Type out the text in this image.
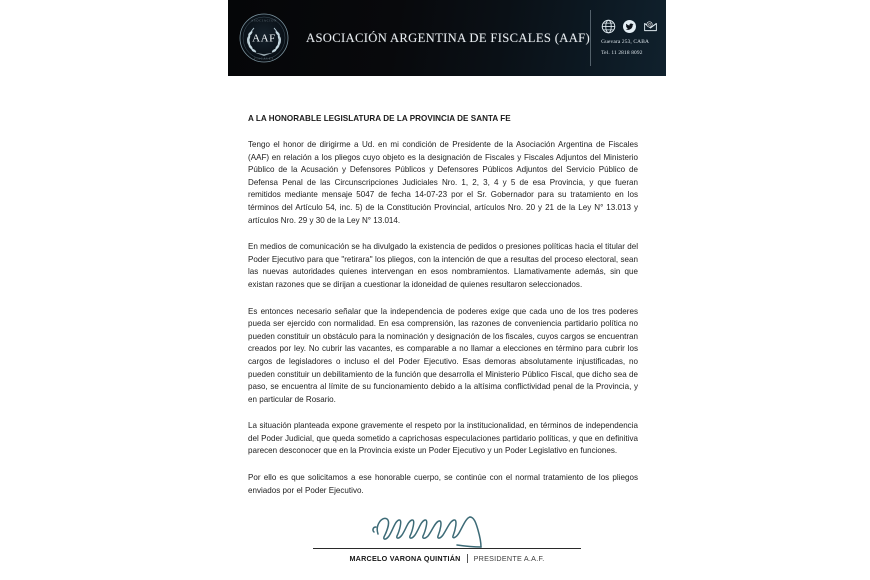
ASOCIACION
FISCALES
AAF	ASOCIACIÓN ARGENTINA DE FISCALES (AAF)
@
Guevara 253, CABA
Tel. 11 2818 8092
A LA HONORABLE LEGISLATURA DE LA PROVINCIA DE SANTA FE

Tengo el honor de dirigirme a Ud. en mi condición de Presidente de la Asociación Argentina de Fiscales (AAF) en relación a los pliegos cuyo objeto es la designación de Fiscales y Fiscales Adjuntos del Ministerio Público de la Acusación y Defensores Públicos y Defensores Públicos Adjuntos del Servicio Público de Defensa Penal de las Circunscripciones Judiciales Nro. 1, 2, 3, 4 y 5 de esa Provincia, y que fueran remitidos mediante mensaje 5047 de fecha 14-07-23 por el Sr. Gobernador para su tratamiento en los términos del Artículo 54, inc. 5) de la Constitución Provincial, artículos Nro. 20 y 21 de la Ley N° 13.013 y artículos Nro. 29 y 30 de la Ley N° 13.014.

En medios de comunicación se ha divulgado la existencia de pedidos o presiones políticas hacia el titular del Poder Ejecutivo para que "retirara" los pliegos, con la intención de que a resultas del proceso electoral, sean las nuevas autoridades quienes intervengan en esos nombramientos. Llamativamente además, sin que existan razones que se dirijan a cuestionar la idoneidad de quienes resultaron seleccionados.

Es entonces necesario señalar que la independencia de poderes exige que cada uno de los tres poderes pueda ser ejercido con normalidad. En esa comprensión, las razones de conveniencia partidario política no pueden constituir un obstáculo para la nominación y designación de los fiscales, cuyos cargos se encuentran creados por ley. No cubrir las vacantes, es comparable a no llamar a elecciones en término para cubrir los cargos de legisladores o incluso el del Poder Ejecutivo. Esas demoras absolutamente injustificadas, no pueden constituir un debilitamiento de la función que desarrolla el Ministerio Público Fiscal, que dicho sea de paso, se encuentra al límite de su funcionamiento debido a la altísima conflictividad penal de la Provincia, y en particular de Rosario.

La situación planteada expone gravemente el respeto por la institucionalidad, en términos de independencia del Poder Judicial, que queda sometido a caprichosas especulaciones partidario políticas, y que en definitiva parecen desconocer que en la Provincia existe un Poder Ejecutivo y un Poder Legislativo en funciones.

Por ello es que solicitamos a ese honorable cuerpo, se continúe con el normal tratamiento de los pliegos enviados por el Poder Ejecutivo.

MARCELO VARONA QUINTIÁN PRESIDENTE A.A.F.
